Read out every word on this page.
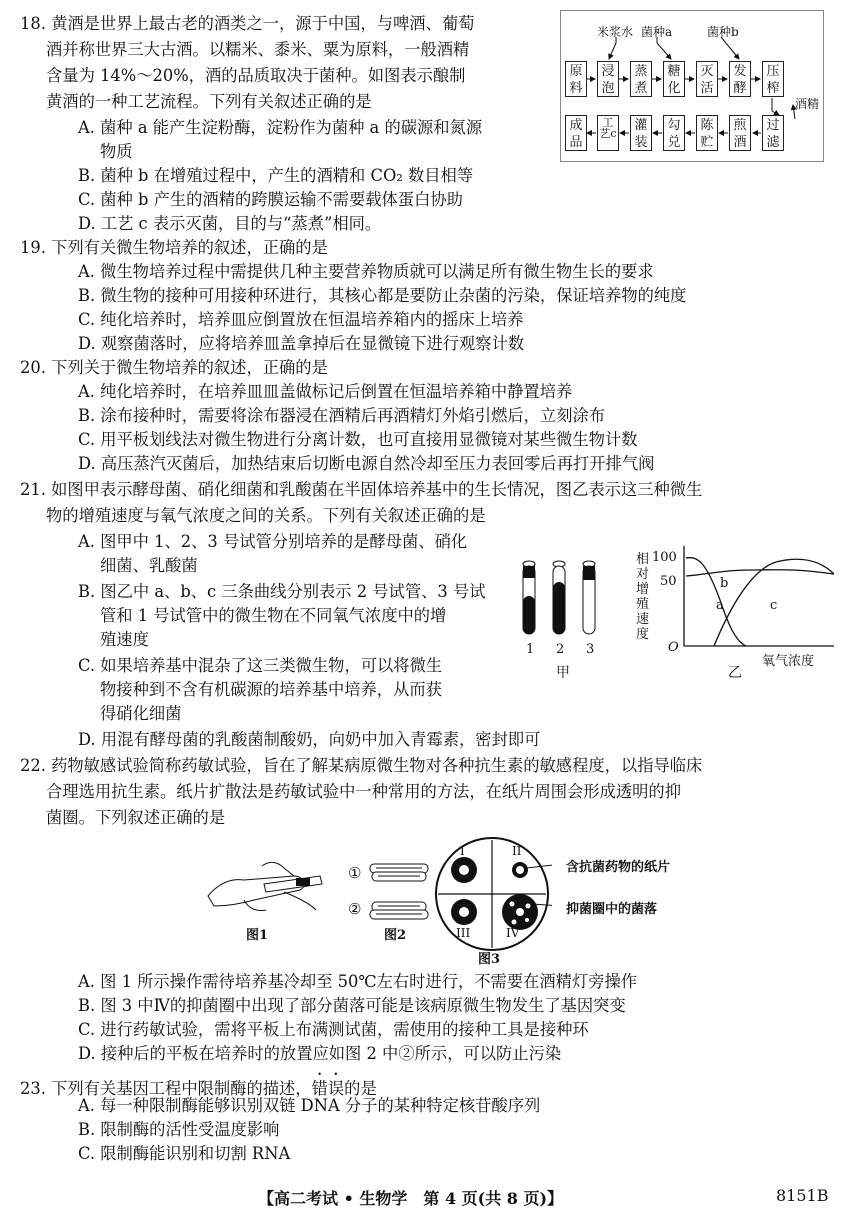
18. 黄酒是世界上最古老的酒类之一，源于中国，与啤酒、葡萄
酒并称世界三大古酒。以糯米、黍米、粟为原料，一般酒精
含量为 14%～20%，酒的品质取决于菌种。如图表示酿制
黄酒的一种工艺流程。下列有关叙述正确的是
A. 菌种 a 能产生淀粉酶，淀粉作为菌种 a 的碳源和氮源
物质
B. 菌种 b 在增殖过程中，产生的酒精和 CO₂ 数目相等
C. 菌种 b 产生的酒精的跨膜运输不需要载体蛋白协助
D. 工艺 c 表示灭菌，目的与“蒸煮”相同。
米浆水 菌种a	菌种b
酒精
原料
浸泡
蒸煮
糖化
灭活
发酵
压榨
成品
工艺c
灌装
勾兑
陈贮
煎酒
过滤
19. 下列有关微生物培养的叙述，正确的是
A. 微生物培养过程中需提供几种主要营养物质就可以满足所有微生物生长的要求
B. 微生物的接种可用接种环进行，其核心都是要防止杂菌的污染，保证培养物的纯度
C. 纯化培养时，培养皿应倒置放在恒温培养箱内的摇床上培养
D. 观察菌落时，应将培养皿盖拿掉后在显微镜下进行观察计数
20. 下列关于微生物培养的叙述，正确的是
A. 纯化培养时，在培养皿皿盖做标记后倒置在恒温培养箱中静置培养
B. 涂布接种时，需要将涂布器浸在酒精后再酒精灯外焰引燃后，立刻涂布
C. 用平板划线法对微生物进行分离计数，也可直接用显微镜对某些微生物计数
D. 高压蒸汽灭菌后，加热结束后切断电源自然冷却至压力表回零后再打开排气阀
21. 如图甲表示酵母菌、硝化细菌和乳酸菌在半固体培养基中的生长情况，图乙表示这三种微生
物的增殖速度与氧气浓度之间的关系。下列有关叙述正确的是
A. 图甲中 1、2、3 号试管分别培养的是酵母菌、硝化
细菌、乳酸菌
B. 图乙中 a、b、c 三条曲线分别表示 2 号试管、3 号试
管和 1 号试管中的微生物在不同氧气浓度中的增
殖速度
C. 如果培养基中混杂了这三类微生物，可以将微生
物接种到不含有机碳源的培养基中培养，从而获
得硝化细菌
D. 用混有酵母菌的乳酸菌制酸奶，向奶中加入青霉素，密封即可
1 2 3
甲
相
对
增
殖
速
度
100
50
O
氧气浓度
乙
a
b
c
22. 药物敏感试验简称药敏试验，旨在了解某病原微生物对各种抗生素的敏感程度，以指导临床
合理选用抗生素。纸片扩散法是药敏试验中一种常用的方法，在纸片周围会形成透明的抑
菌圈。下列叙述正确的是
图1
①
②
图2
I	II
III	IV
含抗菌药物的纸片
抑菌圈中的菌落
图3
A. 图 1 所示操作需待培养基冷却至 50℃左右时进行，不需要在酒精灯旁操作
B. 图 3 中Ⅳ的抑菌圈中出现了部分菌落可能是该病原微生物发生了基因突变
C. 进行药敏试验，需将平板上布满测试菌，需使用的接种工具是接种环
D. 接种后的平板在培养时的放置应如图 2 中②所示，可以防止污染
23. 下列有关基因工程中限制酶的描述，错误的是
A. 每一种限制酶能够识别双链 DNA 分子的某种特定核苷酸序列
B. 限制酶的活性受温度影响
C. 限制酶能识别和切割 RNA
【高二考试 • 生物学　第 4 页(共 8 页)】	8151B
